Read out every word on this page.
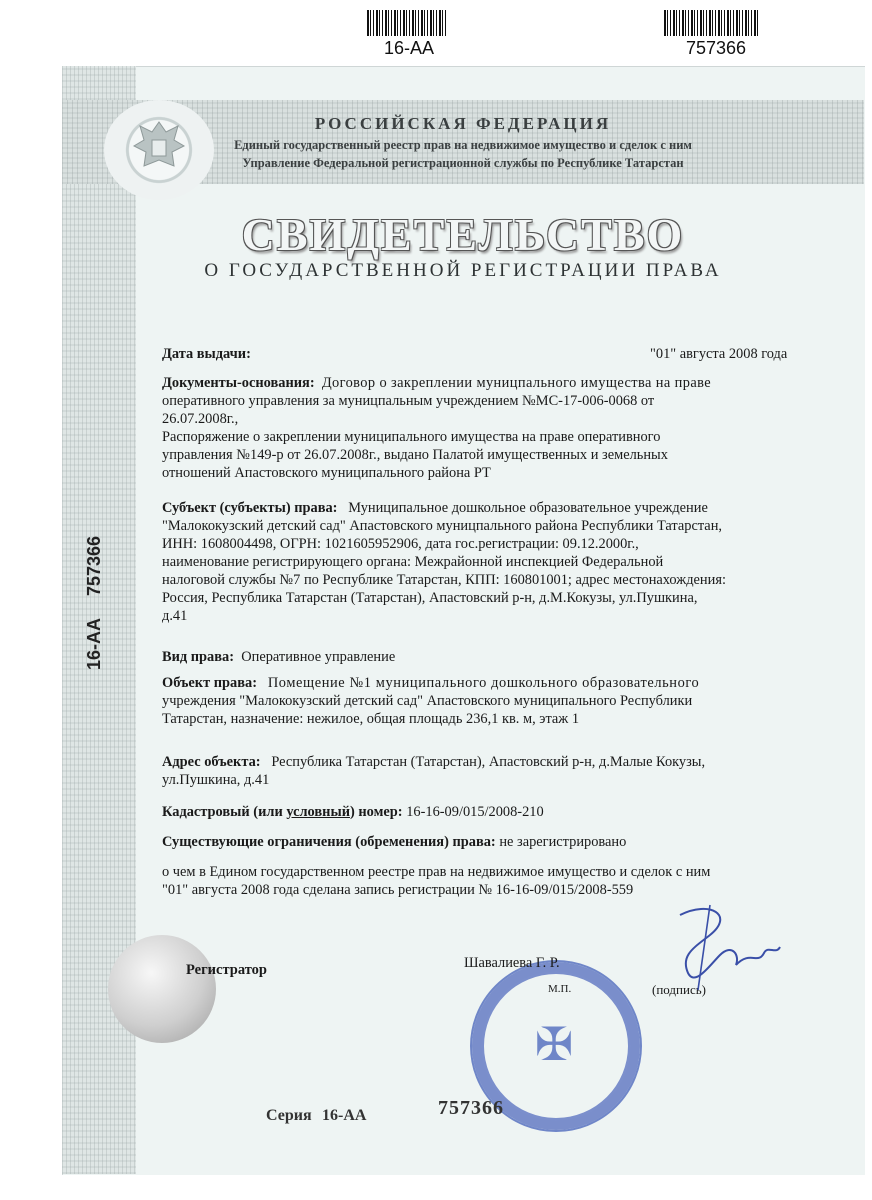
16-AA	757366
РОССИЙСКАЯ ФЕДЕРАЦИЯ
Единый государственный реестр прав на недвижимое имущество и сделок с ним
Управление Федеральной регистрационной службы по Республике Татарстан
СВИДЕТЕЛЬСТВО
О ГОСУДАРСТВЕННОЙ РЕГИСТРАЦИИ ПРАВА
16-AA
757366
Дата выдачи:	"01" августа 2008 года
Документы-основания: Договор о закреплении муницпального имущества на праве
оперативного управления за муницпальным учреждением №МС-17-006-0068 от
26.07.2008г.,
Распоряжение о закреплении муниципального имущества на праве оперативного
управления №149-р от 26.07.2008г., выдано Палатой имущественных и земельных
отношений Апастовского муниципального района РТ
Субъект (субъекты) права: Муниципальное дошкольное образовательное учреждение
"Малококузский детский сад" Апастовского муницпального района Республики Татарстан,
ИНН: 1608004498, ОГРН: 1021605952906, дата гос.регистрации: 09.12.2000г.,
наименование регистрирующего органа: Межрайонной инспекцией Федеральной
налоговой службы №7 по Республике Татарстан, КПП: 160801001; адрес местонахождения:
Россия, Республика Татарстан (Татарстан), Апастовский р-н, д.М.Кокузы, ул.Пушкина,
д.41
Вид права: Оперативное управление
Объект права: Помещение №1 муниципального дошкольного образовательного
учреждения "Малококузский детский сад" Апастовского муниципального Республики
Татарстан, назначение: нежилое, общая площадь 236,1 кв. м, этаж 1
Адрес объекта: Республика Татарстан (Татарстан), Апастовский р-н, д.Малые Кокузы,
ул.Пушкина, д.41
Кадастровый (или условный) номер: 16-16-09/015/2008-210
Существующие ограничения (обременения) права: не зарегистрировано
о чем в Едином государственном реестре прав на недвижимое имущество и сделок с ним
"01" августа 2008 года сделана запись регистрации № 16-16-09/015/2008-559
✠
Регистратор	Шавалиева Г. Р.
М.П.	(подпись)
Серия 16-АА	757366
